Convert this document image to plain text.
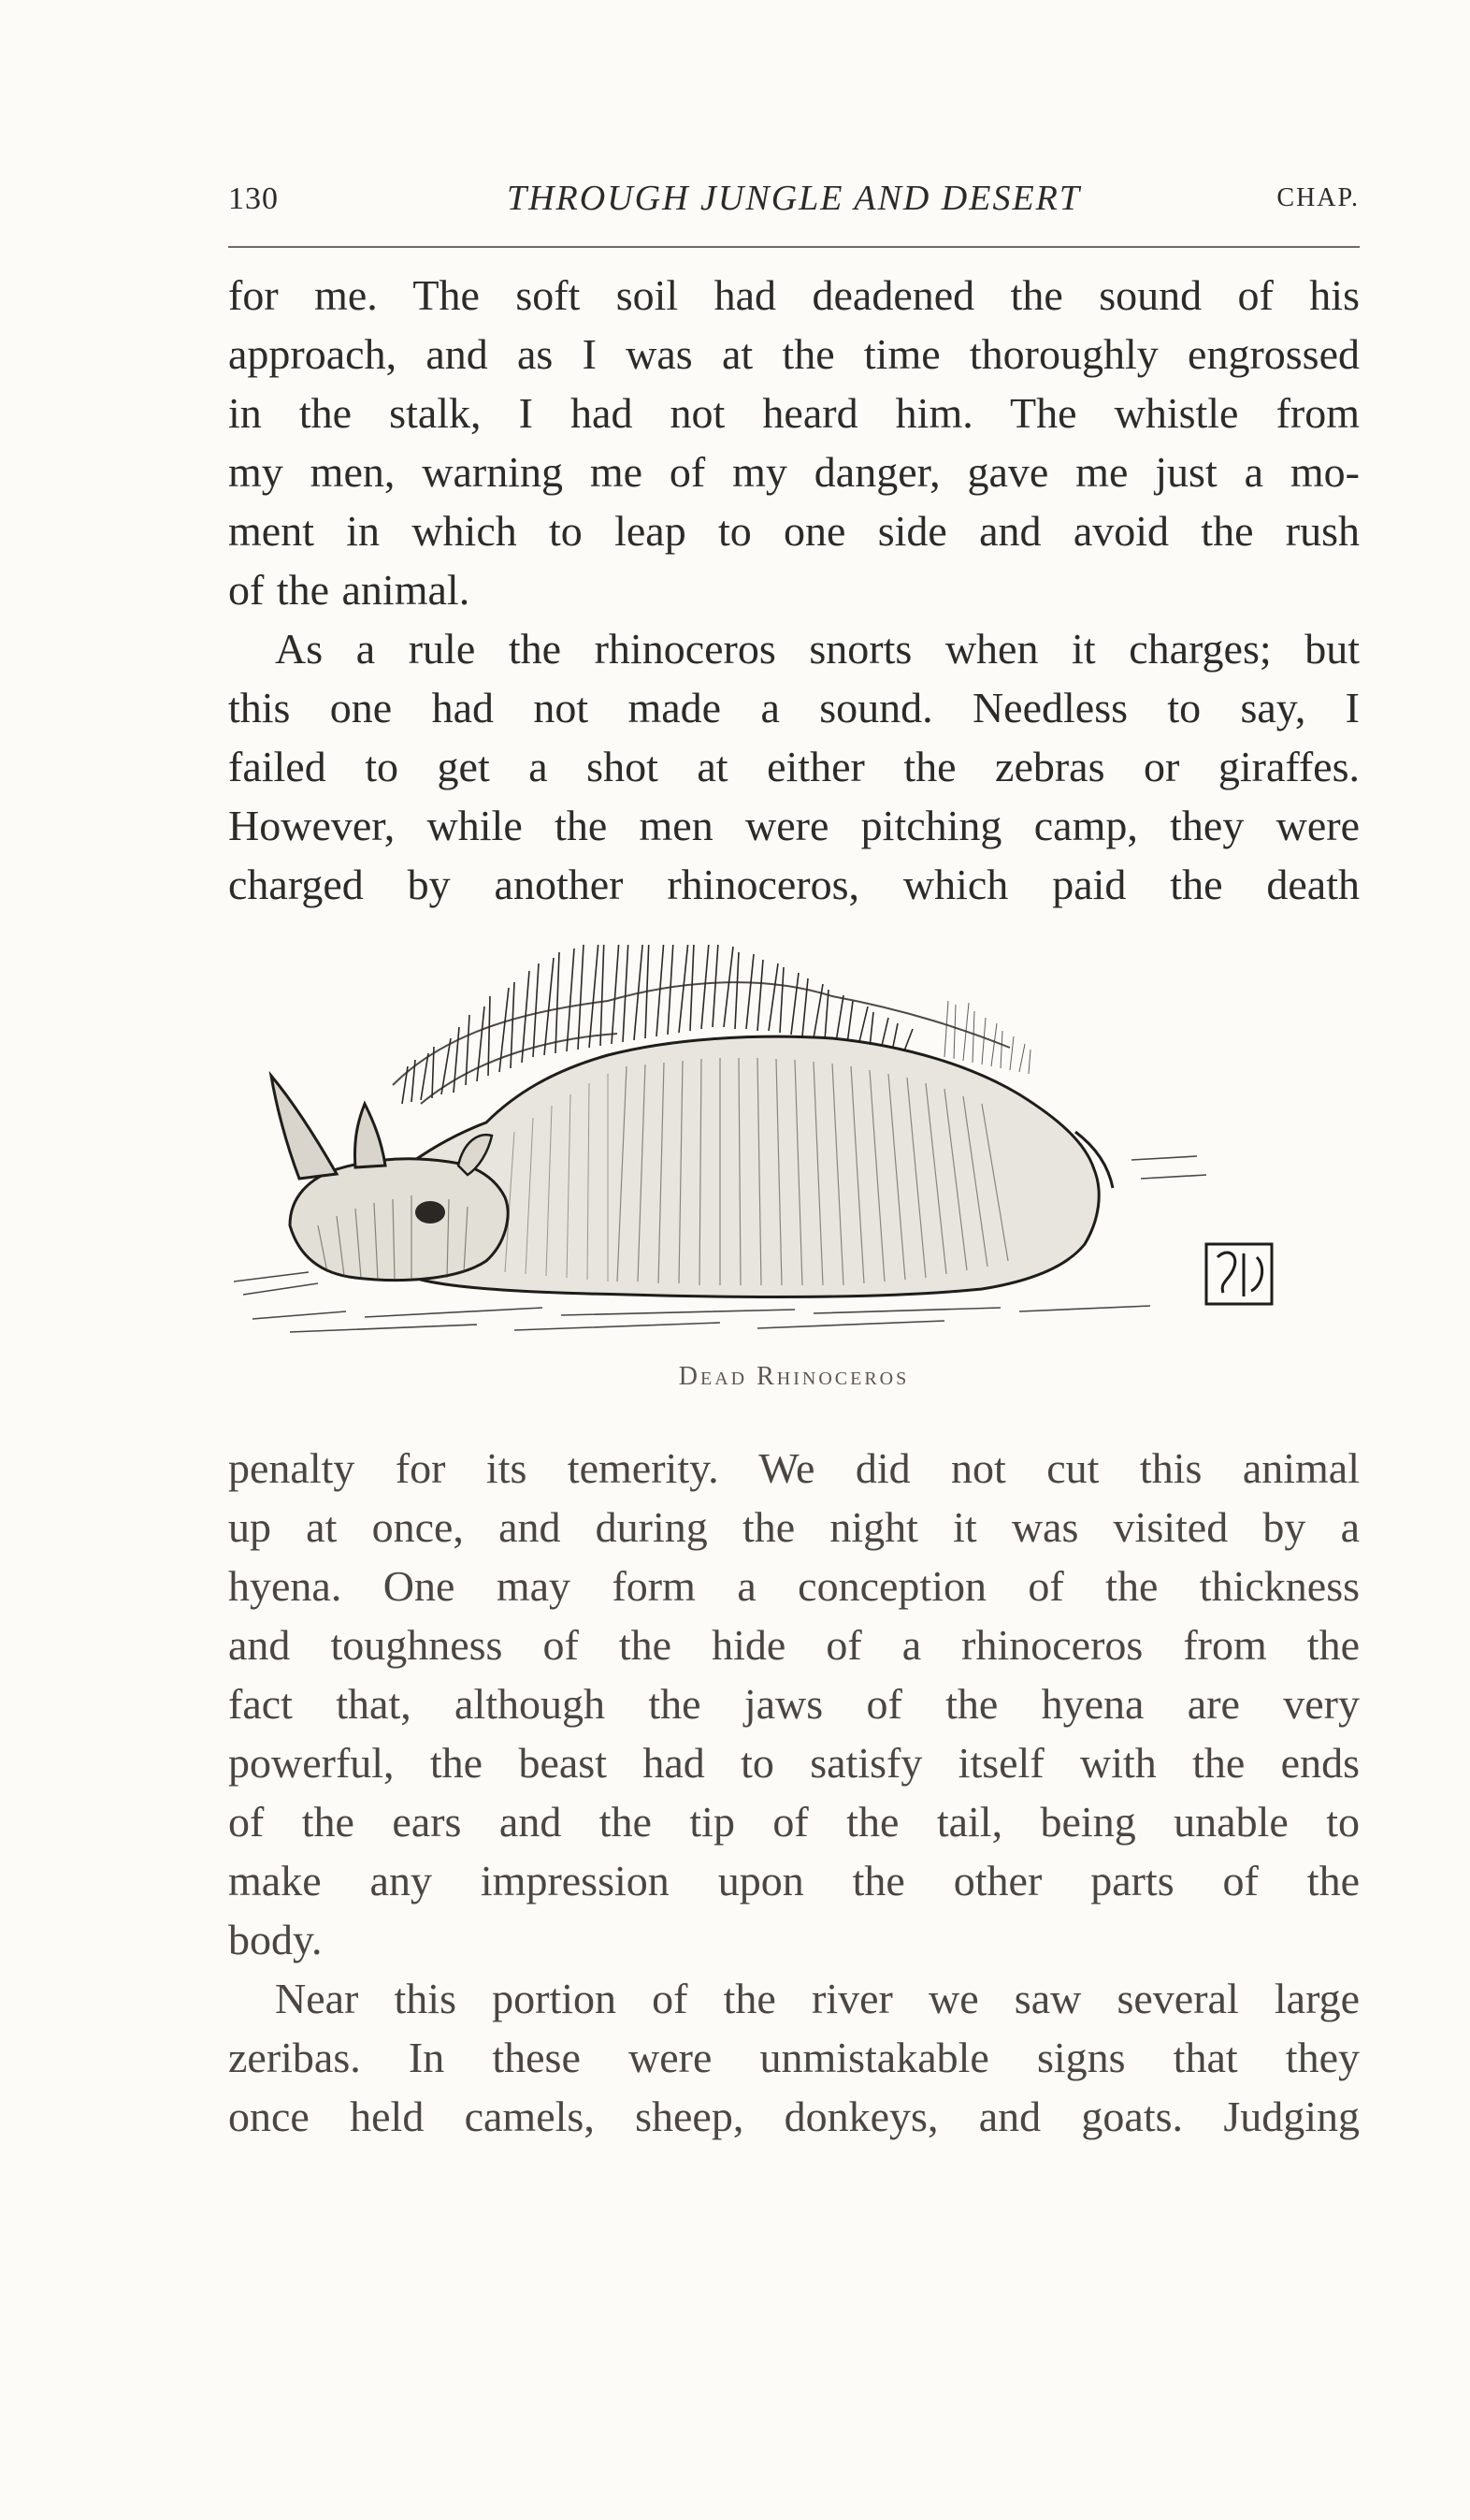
130	THROUGH JUNGLE AND DESERT	CHAP.
for me. The soft soil had deadened the sound of his
approach, and as I was at the time thoroughly engrossed
in the stalk, I had not heard him. The whistle from
my men, warning me of my danger, gave me just a mo-
ment in which to leap to one side and avoid the rush
of the animal.
As a rule the rhinoceros snorts when it charges; but
this one had not made a sound. Needless to say, I
failed to get a shot at either the zebras or giraffes.
However, while the men were pitching camp, they were
charged by another rhinoceros, which paid the death
Dead Rhinoceros
penalty for its temerity. We did not cut this animal
up at once, and during the night it was visited by a
hyena. One may form a conception of the thickness
and toughness of the hide of a rhinoceros from the
fact that, although the jaws of the hyena are very
powerful, the beast had to satisfy itself with the ends
of the ears and the tip of the tail, being unable to
make any impression upon the other parts of the
body.
Near this portion of the river we saw several large
zeribas. In these were unmistakable signs that they
once held camels, sheep, donkeys, and goats. Judging
